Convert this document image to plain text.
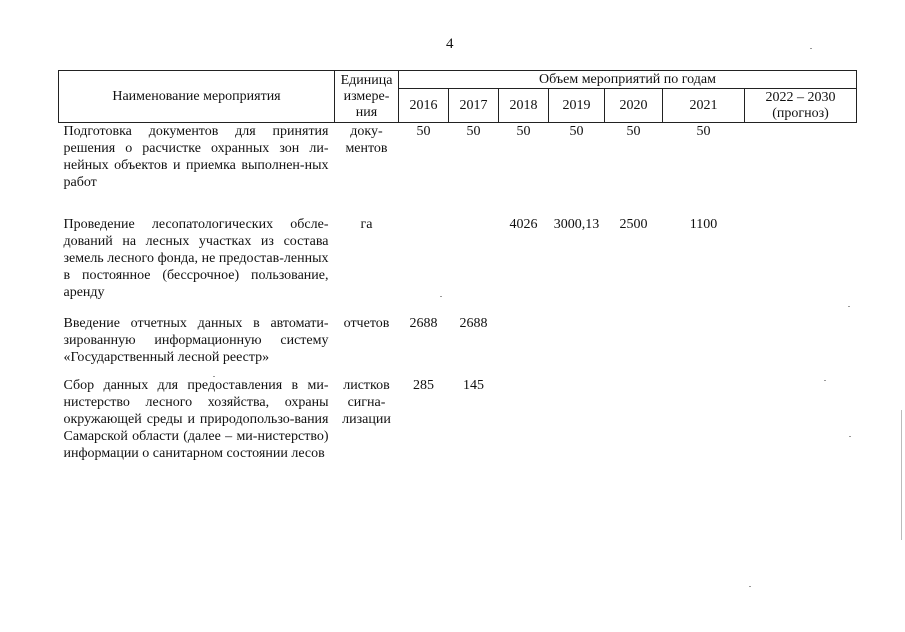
4
Наименование мероприятия	Единица измере-ния	Объем мероприятий по годам						
		2016	2017	2018	2019	2020	2021	2022 – 2030 (прогноз)
Подготовка документов для принятия решения о расчистке охранных зон ли-нейных объектов и приемка выполнен-ных работ	доку-ментов	50	50	50	50	50	50	
Проведение лесопатологических обсле-дований на лесных участках из состава земель лесного фонда, не предостав-ленных в постоянное (бессрочное) пользование, аренду	га			4026	3000,13	2500	1100	
Введение отчетных данных в автомати-зированную информационную систему «Государственный лесной реестр»	отчетов	2688	2688					
Сбор данных для предоставления в ми-нистерство лесного хозяйства, охраны окружающей среды и природопользо-вания Самарской области (далее – ми-нистерство) информации о санитарном состоянии лесов	листков сигна-лизации	285	145					
